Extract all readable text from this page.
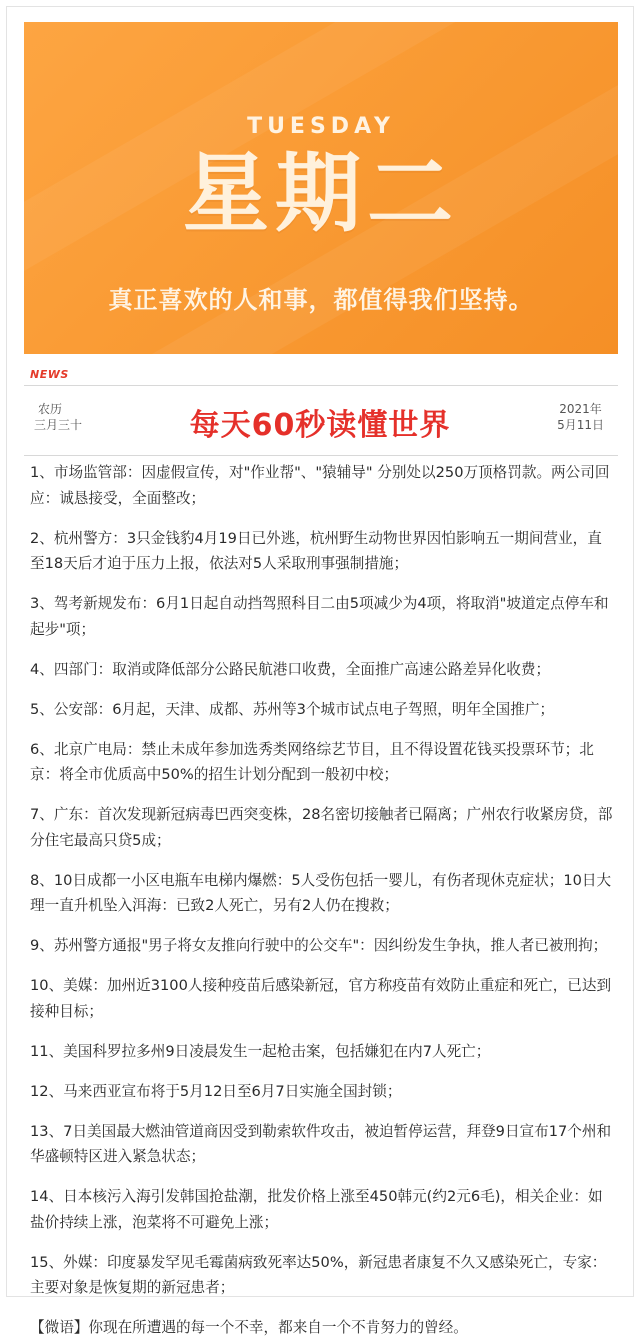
TUESDAY
星期二
真正喜欢的人和事，都值得我们坚持。
NEWS
农历
三月三十	每天60秒读懂世界	2021年
5月11日
1、市场监管部：因虚假宣传，对"作业帮"、"猿辅导" 分别处以250万顶格罚款。两公司回应：诚恳接受，全面整改；
2、杭州警方：3只金钱豹4月19日已外逃，杭州野生动物世界因怕影响五一期间营业，直至18天后才迫于压力上报，依法对5人采取刑事强制措施；
3、驾考新规发布：6月1日起自动挡驾照科目二由5项减少为4项，将取消"坡道定点停车和起步"项；
4、四部门：取消或降低部分公路民航港口收费，全面推广高速公路差异化收费；
5、公安部：6月起，天津、成都、苏州等3个城市试点电子驾照，明年全国推广；
6、北京广电局：禁止未成年参加选秀类网络综艺节目，且不得设置花钱买投票环节；北京：将全市优质高中50%的招生计划分配到一般初中校；
7、广东：首次发现新冠病毒巴西突变株，28名密切接触者已隔离；广州农行收紧房贷，部分住宅最高只贷5成；
8、10日成都一小区电瓶车电梯内爆燃：5人受伤包括一婴儿，有伤者现休克症状；10日大理一直升机坠入洱海：已致2人死亡，另有2人仍在搜救；
9、苏州警方通报"男子将女友推向行驶中的公交车"：因纠纷发生争执，推人者已被刑拘；
10、美媒：加州近3100人接种疫苗后感染新冠，官方称疫苗有效防止重症和死亡，已达到接种目标；
11、美国科罗拉多州9日凌晨发生一起枪击案，包括嫌犯在内7人死亡；
12、马来西亚宣布将于5月12日至6月7日实施全国封锁；
13、7日美国最大燃油管道商因受到勒索软件攻击，被迫暂停运营，拜登9日宣布17个州和华盛顿特区进入紧急状态；
14、日本核污入海引发韩国抢盐潮，批发价格上涨至450韩元(约2元6毛)，相关企业：如盐价持续上涨，泡菜将不可避免上涨；
15、外媒：印度暴发罕见毛霉菌病致死率达50%，新冠患者康复不久又感染死亡，专家：主要对象是恢复期的新冠患者；
【微语】你现在所遭遇的每一个不幸，都来自一个不肯努力的曾经。
